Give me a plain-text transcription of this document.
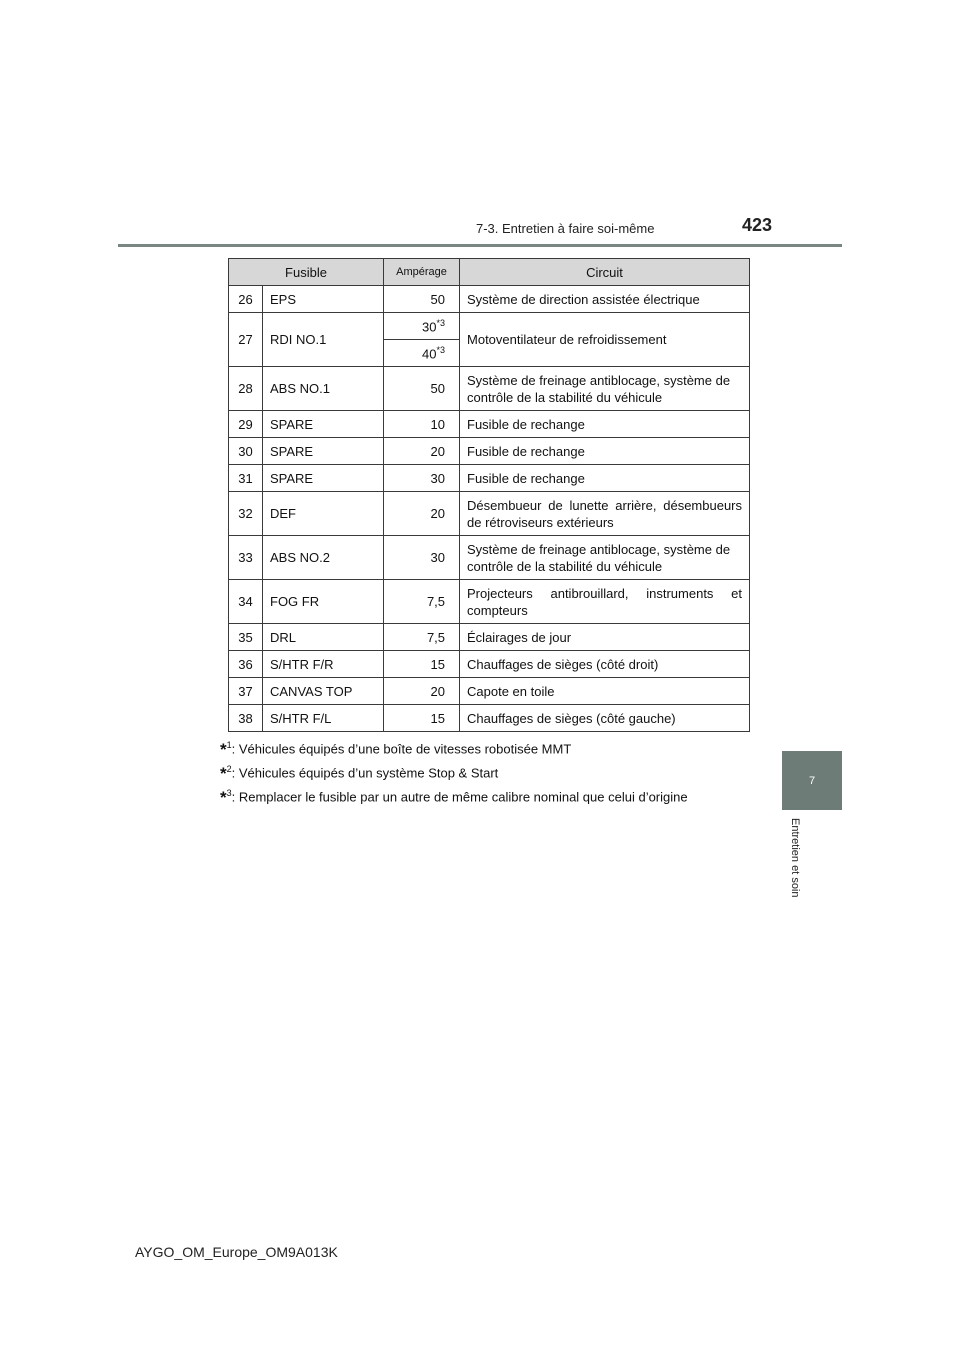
7-3. Entretien à faire soi-même	423
7
Entretien et soin
Fusible		Ampérage	Circuit
26	EPS	50	Système de direction assistée électrique
27	RDI NO.1	30$^{*3}$	Motoventilateur de refroidissement
		40$^{*3}$
28	ABS NO.1	50	Système de freinage antiblocage, système de contrôle de la stabilité du véhicule
29	SPARE	10	Fusible de rechange
30	SPARE	20	Fusible de rechange
31	SPARE	30	Fusible de rechange
32	DEF	20	Désembueur de lunette arrière, désembueurs de rétroviseurs extérieurs
33	ABS NO.2	30	Système de freinage antiblocage, système de contrôle de la stabilité du véhicule
34	FOG FR	7,5	Projecteurs antibrouillard, instruments et compteurs
35	DRL	7,5	Éclairages de jour
36	S/HTR F/R	15	Chauffages de sièges (côté droit)
37	CANVAS TOP	20	Capote en toile
38	S/HTR F/L	15	Chauffages de sièges (côté gauche)
*$^1$: Véhicules équipés d’une boîte de vitesses robotisée MMT
*$^2$: Véhicules équipés d’un système Stop & Start
*$^3$: Remplacer le fusible par un autre de même calibre nominal que celui d’origine
AYGO_OM_Europe_OM9A013K
